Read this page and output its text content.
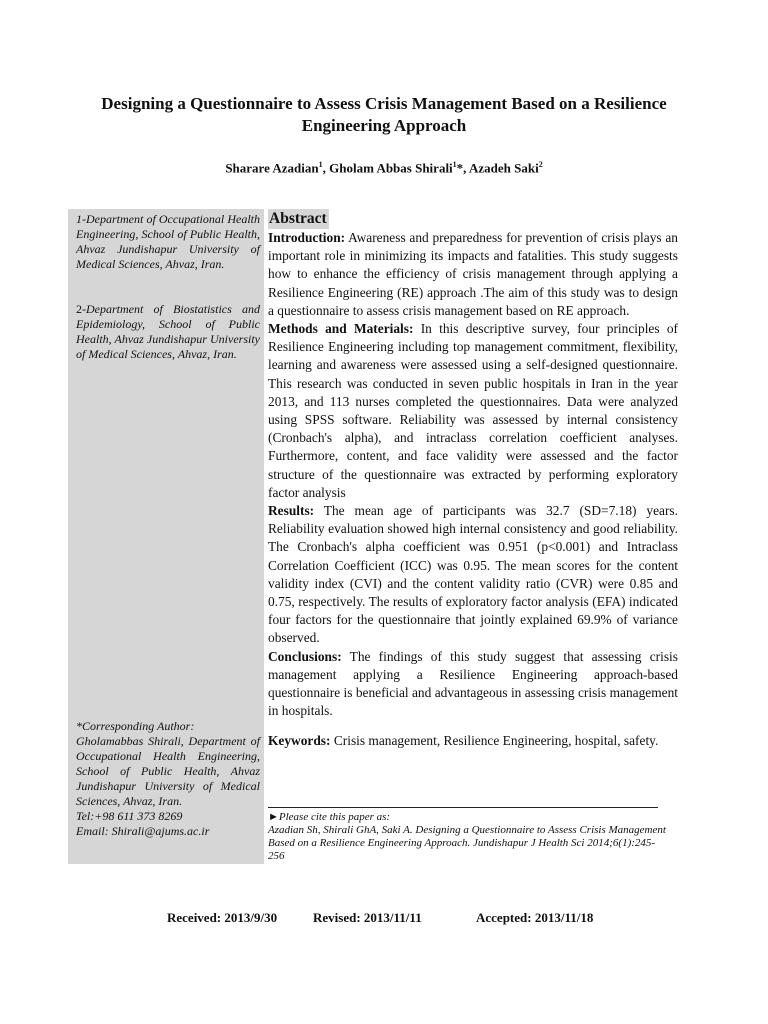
Designing a Questionnaire to Assess Crisis Management Based on a Resilience Engineering Approach
Sharare Azadian$^1$, Gholam Abbas Shirali$^1$*, Azadeh Saki$^2$
1-Department of Occupational Health Engineering, School of Public Health, Ahvaz Jundishapur University of Medical Sciences, Ahvaz, Iran.
2-Department of Biostatistics and Epidemiology, School of Public Health, Ahvaz Jundishapur University of Medical Sciences, Ahvaz, Iran.
*Corresponding Author:
Gholamabbas Shirali, Department of Occupational Health Engineering, School of Public Health, Ahvaz Jundishapur University of Medical Sciences, Ahvaz, Iran.
Tel:+98 611 373 8269
Email: Shirali@ajums.ac.ir
Abstract

Introduction: Awareness and preparedness for prevention of crisis plays an important role in minimizing its impacts and fatalities. This study suggests how to enhance the efficiency of crisis management through applying a Resilience Engineering (RE) approach .The aim of this study was to design a questionnaire to assess crisis management based on RE approach.

Methods and Materials: In this descriptive survey, four principles of Resilience Engineering including top management commitment, flexibility, learning and awareness were assessed using a self-designed questionnaire. This research was conducted in seven public hospitals in Iran in the year 2013, and 113 nurses completed the questionnaires. Data were analyzed using SPSS software. Reliability was assessed by internal consistency (Cronbach's alpha), and intraclass correlation coefficient analyses. Furthermore, content, and face validity were assessed and the factor structure of the questionnaire was extracted by performing exploratory factor analysis

Results: The mean age of participants was 32.7 (SD=7.18) years. Reliability evaluation showed high internal consistency and good reliability. The Cronbach's alpha coefficient was 0.951 (p<0.001) and Intraclass Correlation Coefficient (ICC) was 0.95. The mean scores for the content validity index (CVI) and the content validity ratio (CVR) were 0.85 and 0.75, respectively. The results of exploratory factor analysis (EFA) indicated four factors for the questionnaire that jointly explained 69.9% of variance observed.

Conclusions: The findings of this study suggest that assessing crisis management applying a Resilience Engineering approach-based questionnaire is beneficial and advantageous in assessing crisis management in hospitals.

Keywords: Crisis management, Resilience Engineering, hospital, safety.

►Please cite this paper as:
Azadian Sh, Shirali GhA, Saki A. Designing a Questionnaire to Assess Crisis Management Based on a Resilience Engineering Approach. Jundishapur J Health Sci 2014;6(1):245-256
Received: 2013/9/30	Revised: 2013/11/11	Accepted: 2013/11/18
